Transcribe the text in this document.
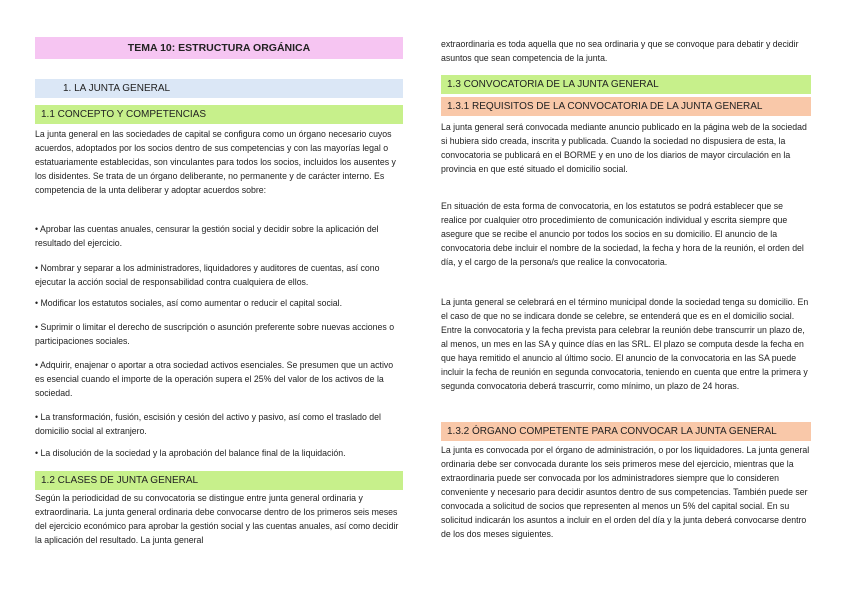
TEMA 10: ESTRUCTURA ORGÁNICA
1. LA JUNTA GENERAL
1.1 CONCEPTO Y COMPETENCIAS

La junta general en las sociedades de capital se configura como un órgano necesario cuyos acuerdos, adoptados por los socios dentro de sus competencias y con las mayorías legal o estatuariamente establecidas, son vinculantes para todos los socios, incluidos los ausentes y los disidentes. Se trata de un órgano deliberante, no permanente y de carácter interno. Es competencia de la unta deliberar y adoptar acuerdos sobre:

• Aprobar las cuentas anuales, censurar la gestión social y decidir sobre la aplicación del resultado del ejercicio.

• Nombrar y separar a los administradores, liquidadores y auditores de cuentas, así cono ejecutar la acción social de responsabilidad contra cualquiera de ellos.

• Modificar los estatutos sociales, así como aumentar o reducir el capital social.

• Suprimir o limitar el derecho de suscripción o asunción preferente sobre nuevas acciones o participaciones sociales.

• Adquirir, enajenar o aportar a otra sociedad activos esenciales. Se presumen que un activo es esencial cuando el importe de la operación supera el 25% del valor de los activos de la sociedad.

• La transformación, fusión, escisión y cesión del activo y pasivo, así como el traslado del domicilio social al extranjero.

• La disolución de la sociedad y la aprobación del balance final de la liquidación.

1.2 CLASES DE JUNTA GENERAL

Según la periodicidad de su convocatoria se distingue entre junta general ordinaria y extraordinaria. La junta general ordinaria debe convocarse dentro de los primeros seis meses del ejercicio económico para aprobar la gestión social y las cuentas anuales, así como decidir la aplicación del resultado. La junta general

extraordinaria es toda aquella que no sea ordinaria y que se convoque para debatir y decidir asuntos que sean competencia de la junta.

1.3 CONVOCATORIA DE LA JUNTA GENERAL
1.3.1 REQUISITOS DE LA CONVOCATORIA DE LA JUNTA GENERAL

La junta general será convocada mediante anuncio publicado en la página web de la sociedad si hubiera sido creada, inscrita y publicada. Cuando la sociedad no dispusiera de esta, la convocatoria se publicará en el BORME y en uno de los diarios de mayor circulación en la provincia en que esté situado el domicilio social.

En situación de esta forma de convocatoria, en los estatutos se podrá establecer que se realice por cualquier otro procedimiento de comunicación individual y escrita siempre que asegure que se recibe el anuncio por todos los socios en su domicilio. El anuncio de la convocatoria debe incluir el nombre de la sociedad, la fecha y hora de la reunión, el orden del día, y el cargo de la persona/s que realice la convocatoria.

La junta general se celebrará en el término municipal donde la sociedad tenga su domicilio. En el caso de que no se indicara donde se celebre, se entenderá que es en el domicilio social. Entre la convocatoria y la fecha prevista para celebrar la reunión debe transcurrir un plazo de, al menos, un mes en las SA y quince días en las SRL. El plazo se computa desde la fecha en que haya remitido el anuncio al último socio. El anuncio de la convocatoria en las SA puede incluir la fecha de reunión en segunda convocatoria, teniendo en cuenta que entre la primera y segunda convocatoria deberá trascurrir, como mínimo, un plazo de 24 horas.

1.3.2 ÓRGANO COMPETENTE PARA CONVOCAR LA JUNTA GENERAL

La junta es convocada por el órgano de administración, o por los liquidadores. La junta general ordinaria debe ser convocada durante los seis primeros mese del ejercicio, mientras que la extraordinaria puede ser convocada por los administradores siempre que lo consideren conveniente y necesario para decidir asuntos dentro de sus competencias. También puede ser convocada a solicitud de socios que representen al menos un 5% del capital social. En su solicitud indicarán los asuntos a incluir en el orden del día y la junta deberá convocarse dentro de los dos meses siguientes.
